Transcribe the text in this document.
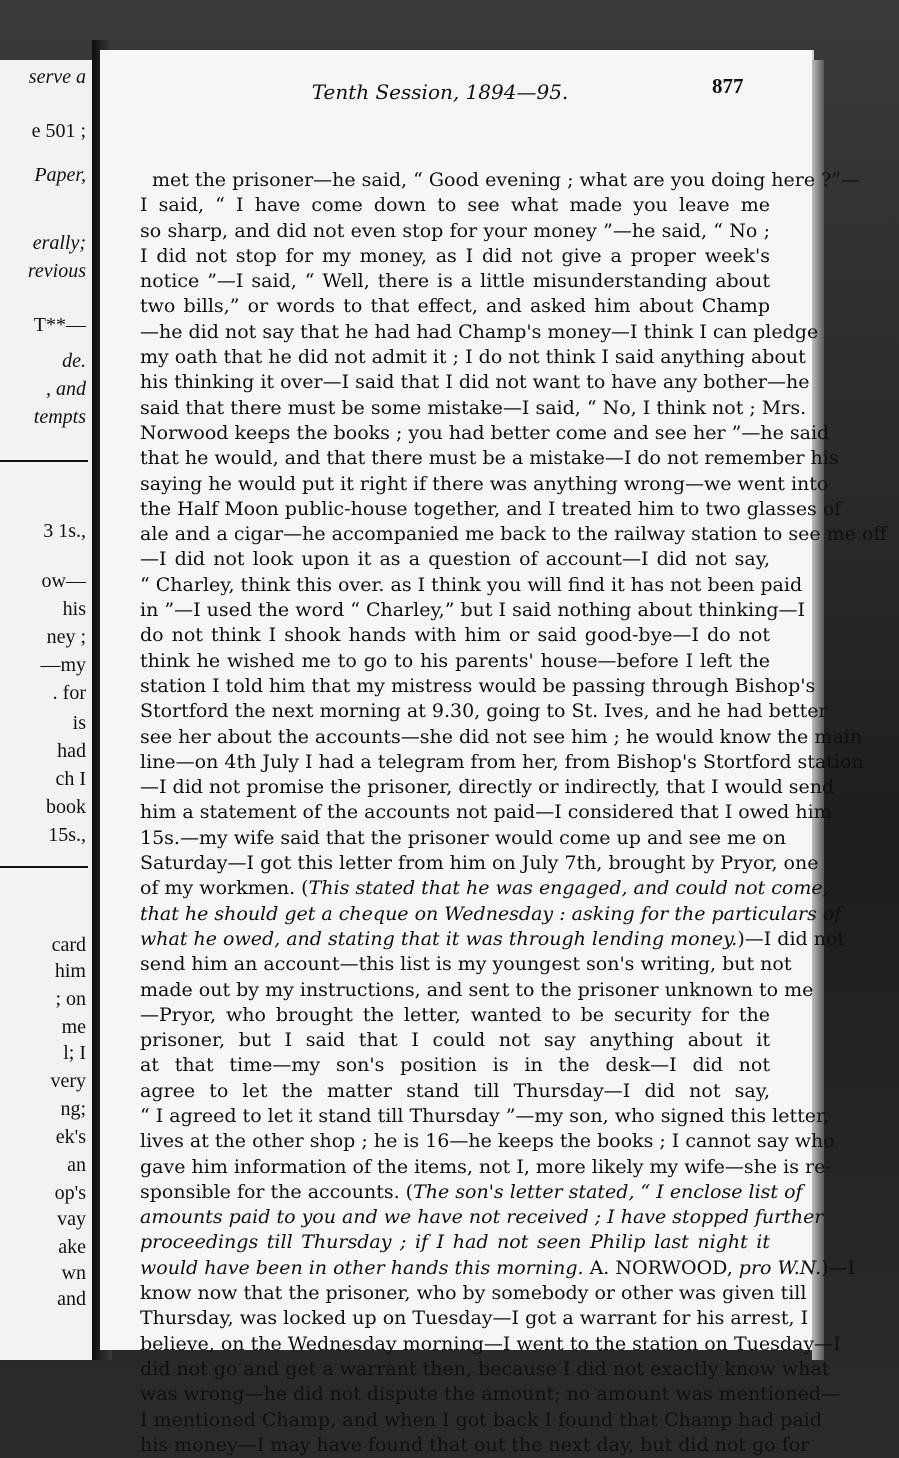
serve a
e 501 ;
Paper,
erally;
revious
T**—
de.
, and
tempts
3 1s.,
ow—
his
ney ;
—my
. for
is
had
ch I
book
15s.,
card
him
; on
me
l; I
very
ng;
ek's
an
op's
vay
ake
wn
and
Tenth Session, 1894—95.	877
met the prisoner—he said, “ Good evening ; what are you doing here ?”—
I said, “ I have come down to see what made you leave me
so sharp, and did not even stop for your money ”—he said, “ No ;
I did not stop for my money, as I did not give a proper week's
notice ”—I said, “ Well, there is a little misunderstanding about
two bills,” or words to that effect, and asked him about Champ
—he did not say that he had had Champ's money—I think I can pledge
my oath that he did not admit it ; I do not think I said anything about
his thinking it over—I said that I did not want to have any bother—he
said that there must be some mistake—I said, “ No, I think not ; Mrs.
Norwood keeps the books ; you had better come and see her ”—he said
that he would, and that there must be a mistake—I do not remember his
saying he would put it right if there was anything wrong—we went into
the Half Moon public-house together, and I treated him to two glasses of
ale and a cigar—he accompanied me back to the railway station to see me off
—I did not look upon it as a question of account—I did not say,
“ Charley, think this over. as I think you will find it has not been paid
in ”—I used the word “ Charley,” but I said nothing about thinking—I
do not think I shook hands with him or said good-bye—I do not
think he wished me to go to his parents' house—before I left the
station I told him that my mistress would be passing through Bishop's
Stortford the next morning at 9.30, going to St. Ives, and he had better
see her about the accounts—she did not see him ; he would know the main
line—on 4th July I had a telegram from her, from Bishop's Stortford station
—I did not promise the prisoner, directly or indirectly, that I would send
him a statement of the accounts not paid—I considered that I owed him
15s.—my wife said that the prisoner would come up and see me on
Saturday—I got this letter from him on July 7th, brought by Pryor, one
of my workmen. (This stated that he was engaged, and could not come,
that he should get a cheque on Wednesday : asking for the particulars of
what he owed, and stating that it was through lending money.)—I did not
send him an account—this list is my youngest son's writing, but not
made out by my instructions, and sent to the prisoner unknown to me
—Pryor, who brought the letter, wanted to be security for the
prisoner, but I said that I could not say anything about it
at that time—my son's position is in the desk—I did not
agree to let the matter stand till Thursday—I did not say,
“ I agreed to let it stand till Thursday ”—my son, who signed this letter,
lives at the other shop ; he is 16—he keeps the books ; I cannot say who
gave him information of the items, not I, more likely my wife—she is re-
sponsible for the accounts. (The son's letter stated, “ I enclose list of
amounts paid to you and we have not received ; I have stopped further
proceedings till Thursday ; if I had not seen Philip last night it
would have been in other hands this morning. A. NORWOOD, pro W.N.)—I
know now that the prisoner, who by somebody or other was given till
Thursday, was locked up on Tuesday—I got a warrant for his arrest, I
believe, on the Wednesday morning—I went to the station on Tuesday—I
did not go and get a warrant then, because I did not exactly know what
was wrong—he did not dispute the amount; no amount was mentioned—
I mentioned Champ, and when I got back I found that Champ had paid
his money—I may have found that out the next day, but did not go for
